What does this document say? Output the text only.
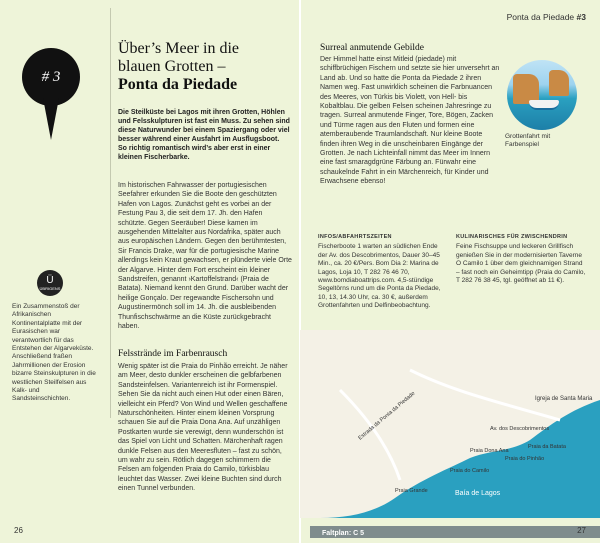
Ponta da Piedade #3
# 3
Über’s Meer in die
blauen Grotten –
Ponta da Piedade
Die Steilküste bei Lagos mit ihren Grotten, Höhlen und Felsskulpturen ist fast ein Muss. Zu sehen sind diese Naturwunder bei einem Spaziergang oder viel besser während einer Ausfahrt im Ausflugsboot. So richtig romantisch wird’s aber erst in einer kleinen Fischerbarke.
Im historischen Fahrwasser der portugiesischen Seefahrer erkunden Sie die Boote den geschützten Hafen von Lagos. Zunächst geht es vorbei an der Festung Pau 3, die seit dem 17. Jh. den Hafen schützte. Gegen Seeräuber! Diese kamen im ausgehenden Mittelalter aus Nordafrika, später auch aus europäischen Ländern. Gegen den berühmtesten, Sir Francis Drake, war für die portugiesische Marine allerdings kein Kraut gewachsen, er plünderte viele Orte der Algarve. Hinter dem Fort erscheint ein kleiner Sandstreifen, genannt ›Kartoffelstrand‹ (Praia de Batata). Niemand kennt den Grund. Darüber wacht der heilige Gonçalo. Der regewandte Fischersohn und Augustinermönch soll im 14. Jh. die ausbleibenden Thunfischschwärme an die Küste zurückgebracht haben.
Felsstrände im Farbenrausch
Wenig später ist die Praia do Pinhão erreicht. Je näher am Meer, desto dunkler erscheinen die gelbfarbenen Sandsteinfelsen. Variantenreich ist ihr Formenspiel. Sehen Sie da nicht auch einen Hut oder einen Bären, vielleicht ein Pferd? Von Wind und Wellen geschaffene Naturschönheiten. Hinter einem kleinen Vorsprung schauen Sie auf die Praia Dona Ana. Auf unzähligen Postkarten wurde sie verewigt, denn wunderschön ist das Spiel von Licht und Schatten. Märchenhaft ragen dunkle Felsen aus den Meeresfluten – fast zu schön, um wahr zu sein. Rötlich dagegen schimmern die Felsen am folgenden Praia do Camilo, türkisblau leuchtet das Wasser. Zwei kleine Buchten sind durch einen Tunnel verbunden.
Ü
ÜBRIGENS
Ein Zusammenstoß der Afrikanischen Kontinentalplatte mit der Eurasischen war verantwortlich für das Entstehen der Algarveküste. Anschließend fraßen Jahrmillionen der Erosion bizarre Steinskulpturen in die westlichen Steilfelsen aus Kalk- und Sandsteinschichten.
26
Surreal anmutende Gebilde
Der Himmel hatte einst Mitleid (piedade) mit schiffbrüchigen Fischern und setzte sie hier unversehrt an Land ab. Und so hatte die Ponta da Piedade 2 ihren Namen weg. Fast unwirklich scheinen die Farbnuancen des Meeres, von Türkis bis Violett, von Hell- bis Kobaltblau. Die gelben Felsen scheinen Jahresringe zu tragen. Surreal anmutende Finger, Tore, Bögen, Zacken und Türme ragen aus den Fluten und formen eine atemberaubende Traumlandschaft. Nur kleine Boote finden ihren Weg in die unscheinbaren Eingänge der Grotten. Je nach Lichteinfall nimmt das Meer im Innern eine fast smaragdgrüne Färbung an. Fürwahr eine schaukelnde Fahrt in ein Märchenreich, für Kinder und Erwachsene ebenso!
Grottenfahrt mit Farbenspiel
INFOS/ABFAHRTSZEITEN
Fischerboote 1 warten an südlichen Ende der Av. dos Descobrimentos, Dauer 30–45 Min., ca. 20 €/Pers. Bom Dia 2: Marina de Lagos, Loja 10, T 282 76 46 70, www.bomdiaboattrips.com. 4,5-stündige Segeltörns rund um die Ponta da Piedade, 10, 13, 14.30 Uhr, ca. 30 €, außerdem Grottenfahrten und Delfinbeobachtung.
KULINARISCHES FÜR ZWISCHENDRIN
Feine Fischsuppe und leckeren Grillfisch genießen Sie in der modernisierten Taverne O Camilo 1 über dem gleichnamigen Strand – fast noch ein Geheimtipp (Praia do Camilo, T 282 76 38 45, tgl. geöffnet ab 11 €).
Igreja de Santa Maria
Praia da Batata
Praia do Pinhão
Praia Dona Ana
Praia do Camilo
Praia Grande	Baía de Lagos
Av. dos Descobrimentos
Estrada da Ponta da Piedade
Faltplan: C 5	27
